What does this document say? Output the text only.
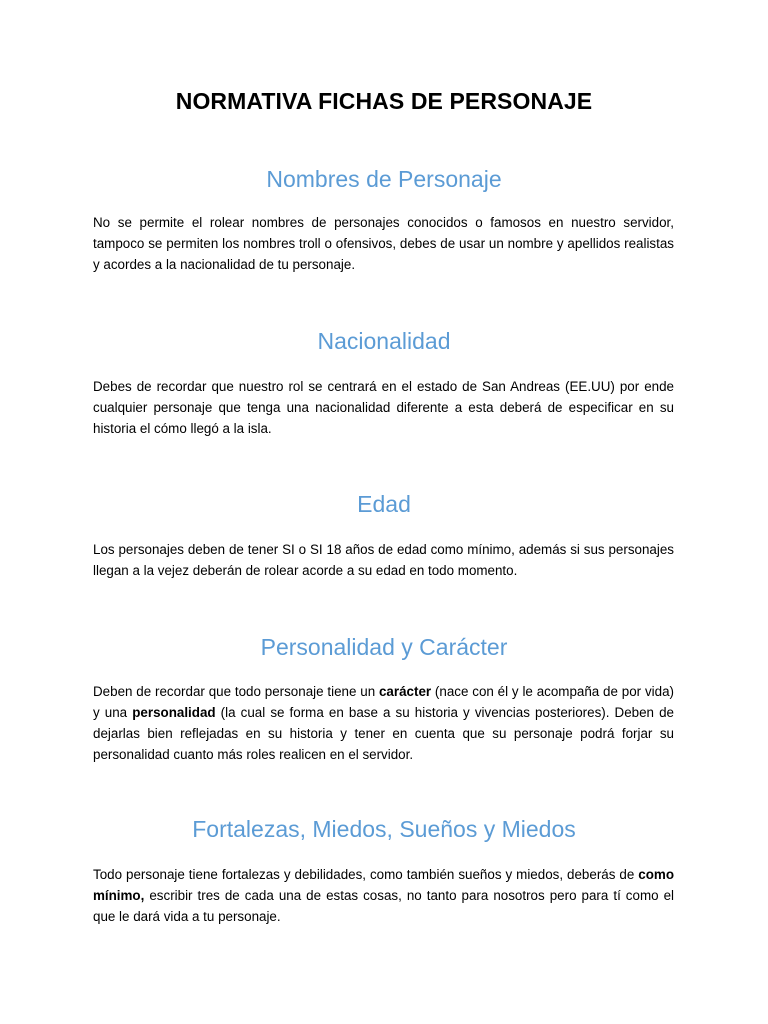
NORMATIVA FICHAS DE PERSONAJE
Nombres de Personaje

No se permite el rolear nombres de personajes conocidos o famosos en nuestro servidor, tampoco se permiten los nombres troll o ofensivos, debes de usar un nombre y apellidos realistas y acordes a la nacionalidad de tu personaje.

Nacionalidad

Debes de recordar que nuestro rol se centrará en el estado de San Andreas (EE.UU) por ende cualquier personaje que tenga una nacionalidad diferente a esta deberá de especificar en su historia el cómo llegó a la isla.

Edad

Los personajes deben de tener SI o SI 18 años de edad como mínimo, además si sus personajes llegan a la vejez deberán de rolear acorde a su edad en todo momento.

Personalidad y Carácter

Deben de recordar que todo personaje tiene un carácter (nace con él y le acompaña de por vida) y una personalidad (la cual se forma en base a su historia y vivencias posteriores). Deben de dejarlas bien reflejadas en su historia y tener en cuenta que su personaje podrá forjar su personalidad cuanto más roles realicen en el servidor.

Fortalezas, Miedos, Sueños y Miedos

Todo personaje tiene fortalezas y debilidades, como también sueños y miedos, deberás de como mínimo, escribir tres de cada una de estas cosas, no tanto para nosotros pero para tí como el que le dará vida a tu personaje.
